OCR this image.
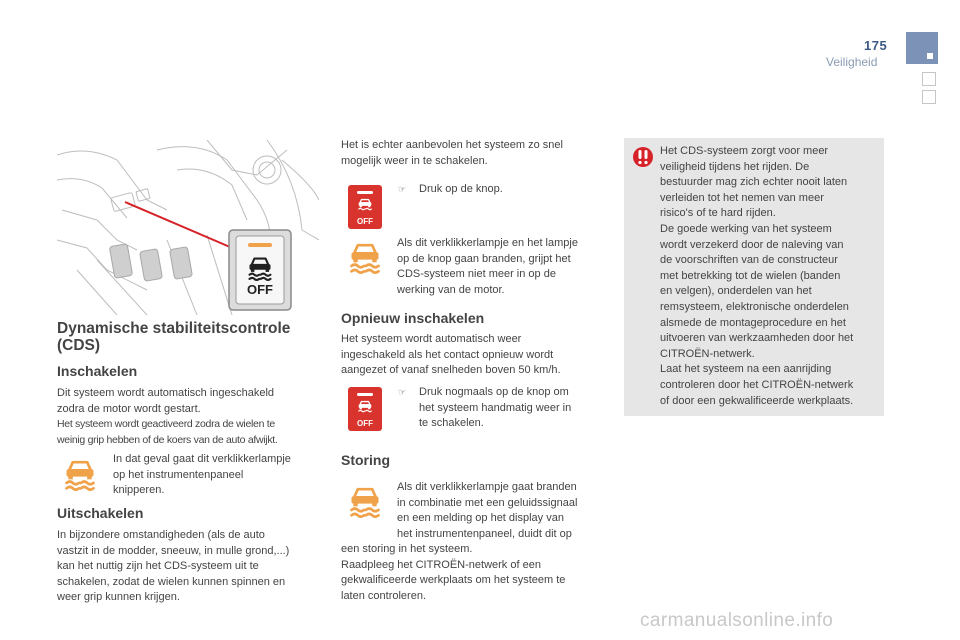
175
Veiligheid
OFF
Dynamische stabiliteitscontrole
(CDS)
Inschakelen
Dit systeem wordt automatisch ingeschakeld
zodra de motor wordt gestart.
Het systeem wordt geactiveerd zodra de wielen te
weinig grip hebben of de koers van de auto afwijkt.
In dat geval gaat dit verklikkerlampje
op het instrumentenpaneel
knipperen.
Uitschakelen
In bijzondere omstandigheden (als de auto
vastzit in de modder, sneeuw, in mulle grond,...)
kan het nuttig zijn het CDS-systeem uit te
schakelen, zodat de wielen kunnen spinnen en
weer grip kunnen krijgen.
Het is echter aanbevolen het systeem zo snel
mogelijk weer in te schakelen.
OFF
☞	Druk op de knop.
Als dit verklikkerlampje en het lampje
op de knop gaan branden, grijpt het
CDS-systeem niet meer in op de
werking van de motor.
Opnieuw inschakelen
Het systeem wordt automatisch weer
ingeschakeld als het contact opnieuw wordt
aangezet of vanaf snelheden boven 50 km/h.
OFF
☞ Druk nogmaals op de knop om
het systeem handmatig weer in
te schakelen.
Storing
Als dit verklikkerlampje gaat branden
in combinatie met een geluidssignaal
en een melding op het display van
het instrumentenpaneel, duidt dit op
een storing in het systeem.
Raadpleeg het CITROËN-netwerk of een
gekwalificeerde werkplaats om het systeem te
laten controleren.
Het CDS-systeem zorgt voor meer
veiligheid tijdens het rijden. De
bestuurder mag zich echter nooit laten
verleiden tot het nemen van meer
risico's of te hard rijden.
De goede werking van het systeem
wordt verzekerd door de naleving van
de voorschriften van de constructeur
met betrekking tot de wielen (banden
en velgen), onderdelen van het
remsysteem, elektronische onderdelen
alsmede de montageprocedure en het
uitvoeren van werkzaamheden door het
CITROËN-netwerk.
Laat het systeem na een aanrijding
controleren door het CITROËN-netwerk
of door een gekwalificeerde werkplaats.
carmanualsonline.info
